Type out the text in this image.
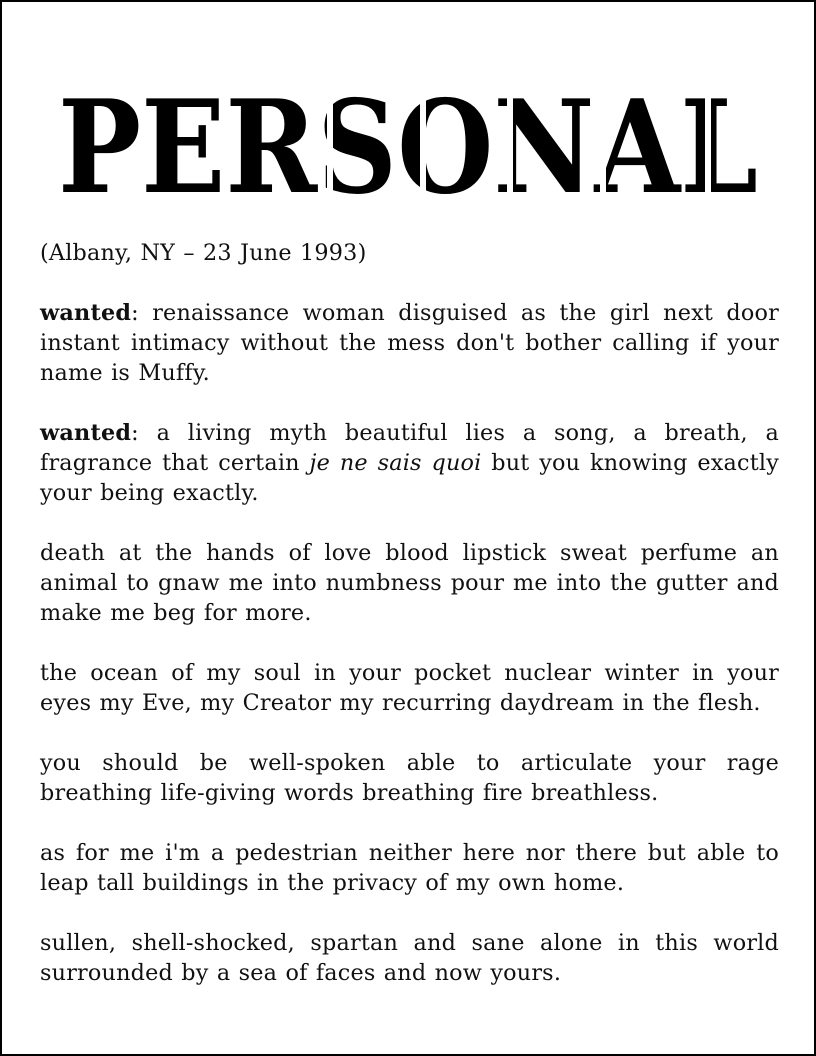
PERSONAL

(Albany, NY – 23 June 1993)

wanted: renaissance woman disguised as the girl next door instant intimacy without the mess don't bother calling if your name is Muffy.

wanted: a living myth beautiful lies a song, a breath, a fragrance that certain je ne sais quoi but you knowing exactly your being exactly.

death at the hands of love blood lipstick sweat perfume an animal to gnaw me into numbness pour me into the gutter and make me beg for more.

the ocean of my soul in your pocket nuclear winter in your eyes my Eve, my Creator my recurring daydream in the flesh.

you should be well-spoken able to articulate your rage breathing life-giving words breathing fire breathless.

as for me i'm a pedestrian neither here nor there but able to leap tall buildings in the privacy of my own home.

sullen, shell-shocked, spartan and sane alone in this world surrounded by a sea of faces and now yours.
